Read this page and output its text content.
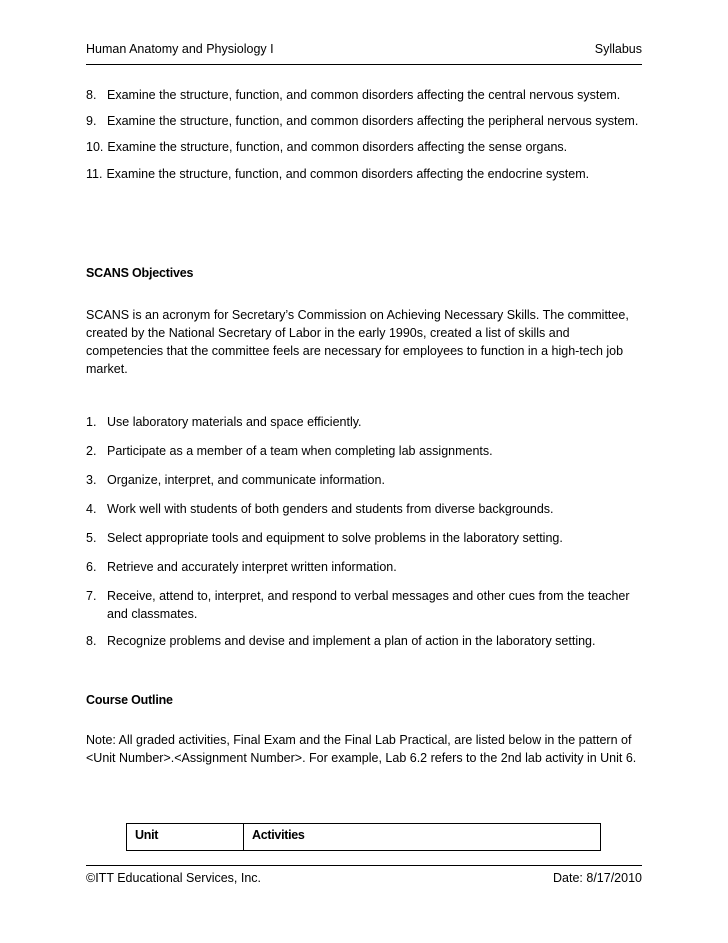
Human Anatomy and Physiology I	Syllabus
8. Examine the structure, function, and common disorders affecting the central nervous system.
9. Examine the structure, function, and common disorders affecting the peripheral nervous system.
10. Examine the structure, function, and common disorders affecting the sense organs.
11. Examine the structure, function, and common disorders affecting the endocrine system.
SCANS Objectives

SCANS is an acronym for Secretary’s Commission on Achieving Necessary Skills. The committee, created by the National Secretary of Labor in the early 1990s, created a list of skills and competencies that the committee feels are necessary for employees to function in a high-tech job market.

1. Use laboratory materials and space efficiently.
2. Participate as a member of a team when completing lab assignments.
3. Organize, interpret, and communicate information.
4. Work well with students of both genders and students from diverse backgrounds.
5. Select appropriate tools and equipment to solve problems in the laboratory setting.
6. Retrieve and accurately interpret written information.
7. Receive, attend to, interpret, and respond to verbal messages and other cues from the teacher and classmates.
8. Recognize problems and devise and implement a plan of action in the laboratory setting.
Course Outline

Note: All graded activities, Final Exam and the Final Lab Practical, are listed below in the pattern of <Unit Number>.<Assignment Number>. For example, Lab 6.2 refers to the 2nd lab activity in Unit 6.

Unit	Activities
©ITT Educational Services, Inc.	Date: 8/17/2010
